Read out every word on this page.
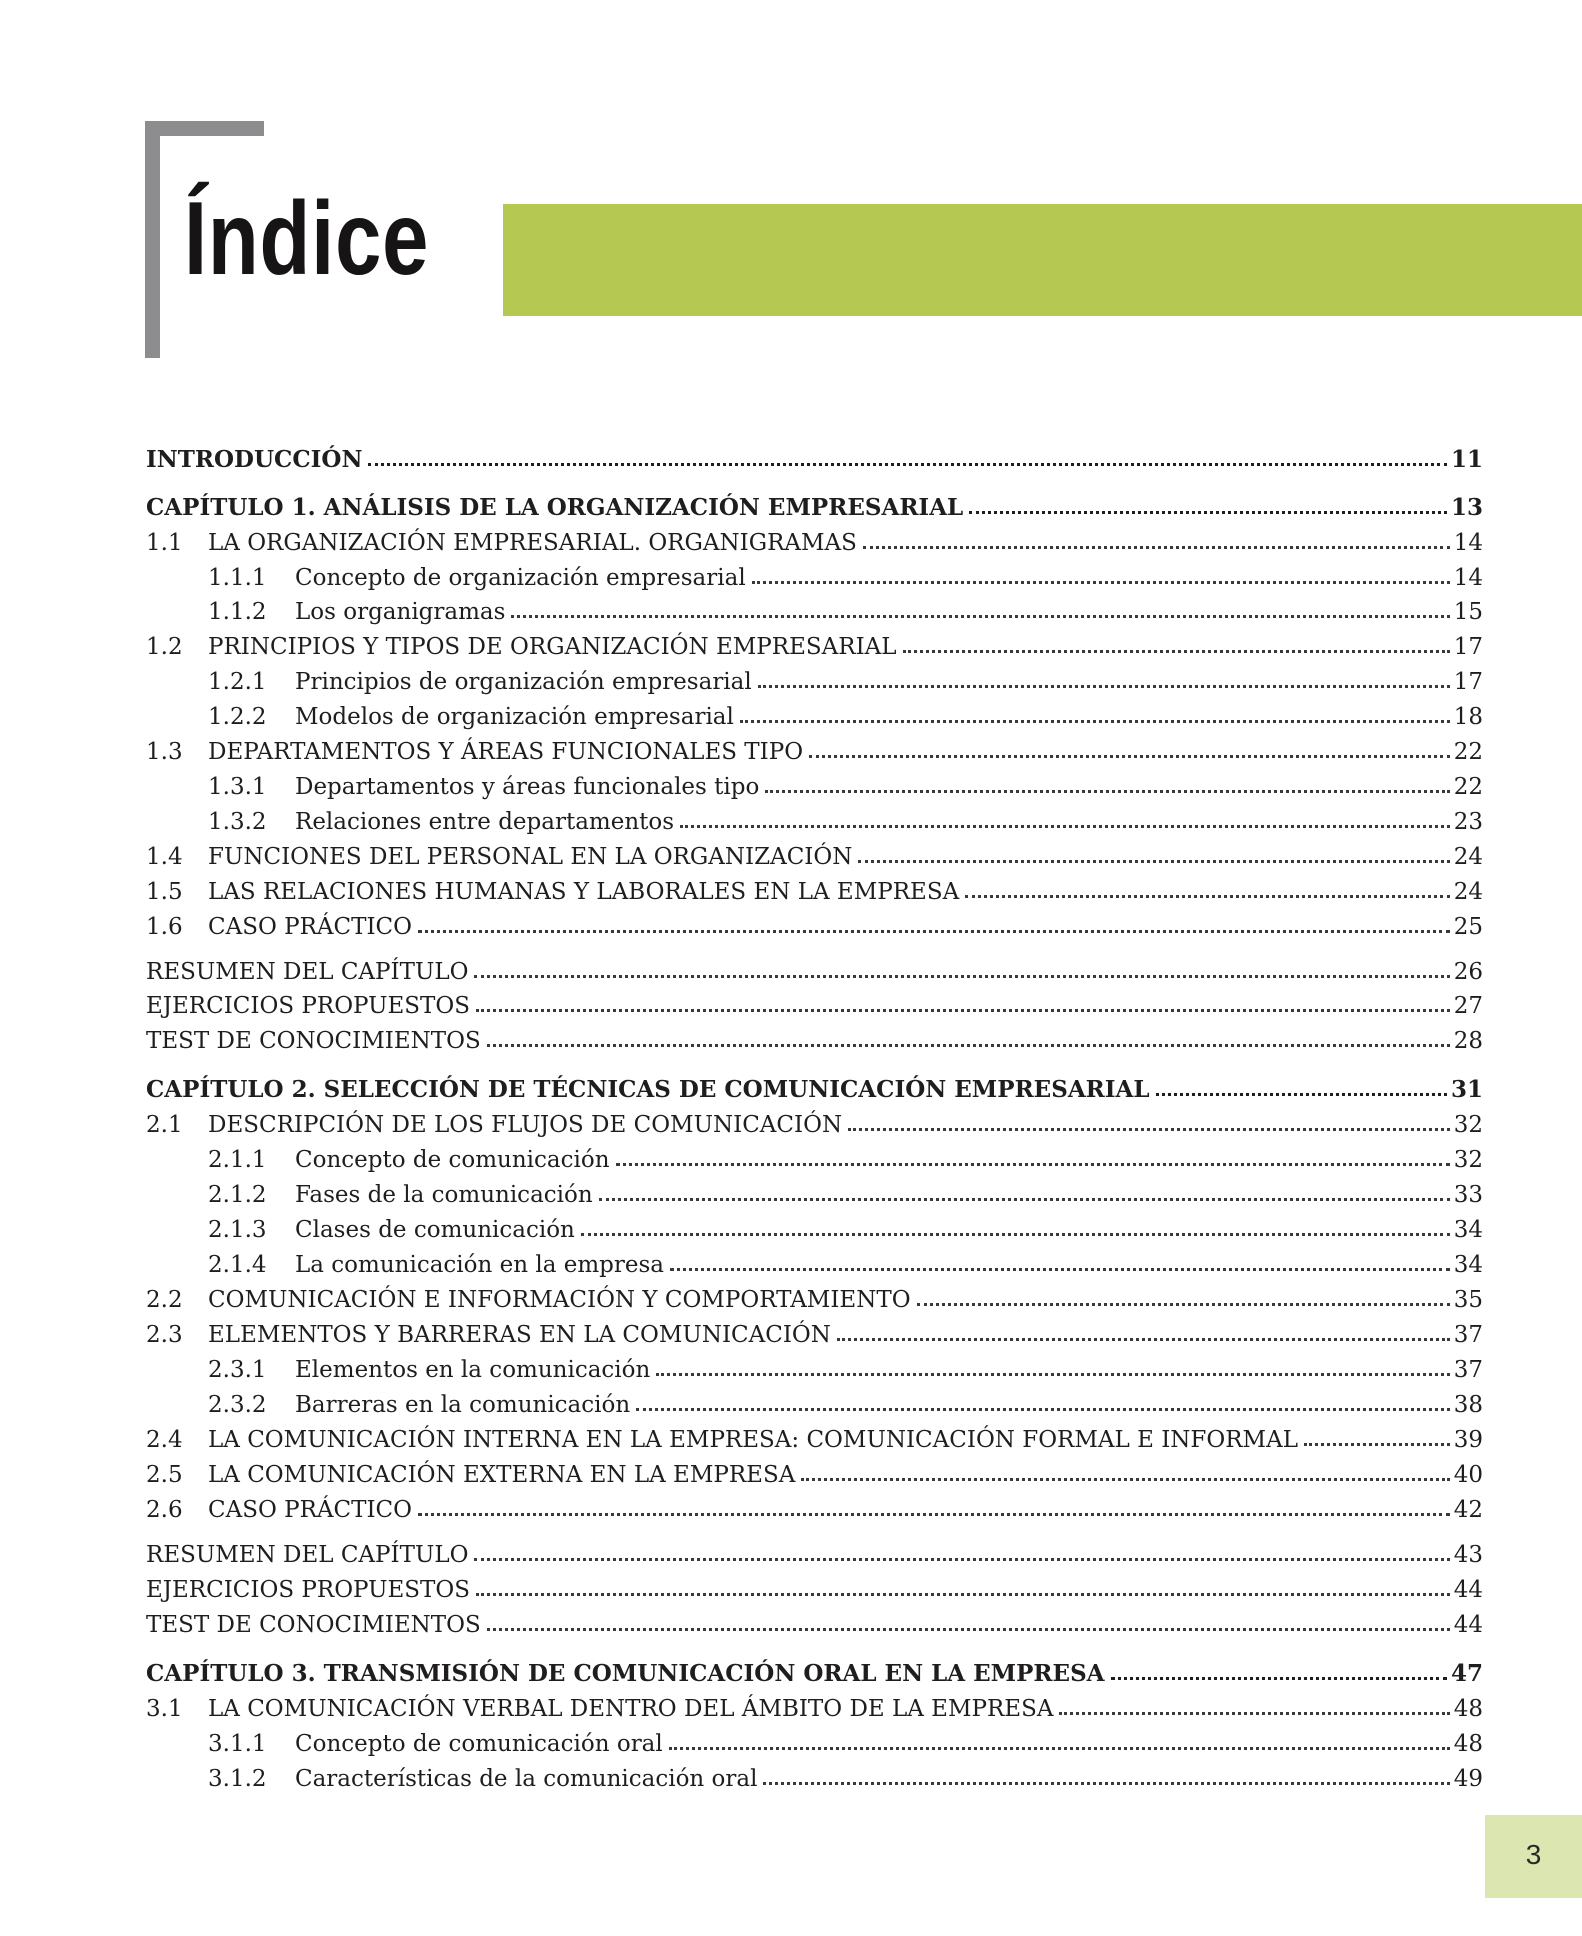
Índice
INTRODUCCIÓN	11
CAPÍTULO 1. ANÁLISIS DE LA ORGANIZACIÓN EMPRESARIAL	13
1.1	LA ORGANIZACIÓN EMPRESARIAL. ORGANIGRAMAS	14
1.1.1	Concepto de organización empresarial	14
1.1.2	Los organigramas	15
1.2	PRINCIPIOS Y TIPOS DE ORGANIZACIÓN EMPRESARIAL	17
1.2.1	Principios de organización empresarial	17
1.2.2	Modelos de organización empresarial	18
1.3	DEPARTAMENTOS Y ÁREAS FUNCIONALES TIPO	22
1.3.1	Departamentos y áreas funcionales tipo	22
1.3.2	Relaciones entre departamentos	23
1.4	FUNCIONES DEL PERSONAL EN LA ORGANIZACIÓN	24
1.5	LAS RELACIONES HUMANAS Y LABORALES EN LA EMPRESA	24
1.6	CASO PRÁCTICO	25
RESUMEN DEL CAPÍTULO	26
EJERCICIOS PROPUESTOS	27
TEST DE CONOCIMIENTOS	28
CAPÍTULO 2. SELECCIÓN DE TÉCNICAS DE COMUNICACIÓN EMPRESARIAL	31
2.1	DESCRIPCIÓN DE LOS FLUJOS DE COMUNICACIÓN	32
2.1.1	Concepto de comunicación	32
2.1.2	Fases de la comunicación	33
2.1.3	Clases de comunicación	34
2.1.4	La comunicación en la empresa	34
2.2	COMUNICACIÓN E INFORMACIÓN Y COMPORTAMIENTO	35
2.3	ELEMENTOS Y BARRERAS EN LA COMUNICACIÓN	37
2.3.1	Elementos en la comunicación	37
2.3.2	Barreras en la comunicación	38
2.4	LA COMUNICACIÓN INTERNA EN LA EMPRESA: COMUNICACIÓN FORMAL E INFORMAL	39
2.5	LA COMUNICACIÓN EXTERNA EN LA EMPRESA	40
2.6	CASO PRÁCTICO	42
RESUMEN DEL CAPÍTULO	43
EJERCICIOS PROPUESTOS	44
TEST DE CONOCIMIENTOS	44
CAPÍTULO 3. TRANSMISIÓN DE COMUNICACIÓN ORAL EN LA EMPRESA	47
3.1	LA COMUNICACIÓN VERBAL DENTRO DEL ÁMBITO DE LA EMPRESA	48
3.1.1	Concepto de comunicación oral	48
3.1.2	Características de la comunicación oral	49
3
